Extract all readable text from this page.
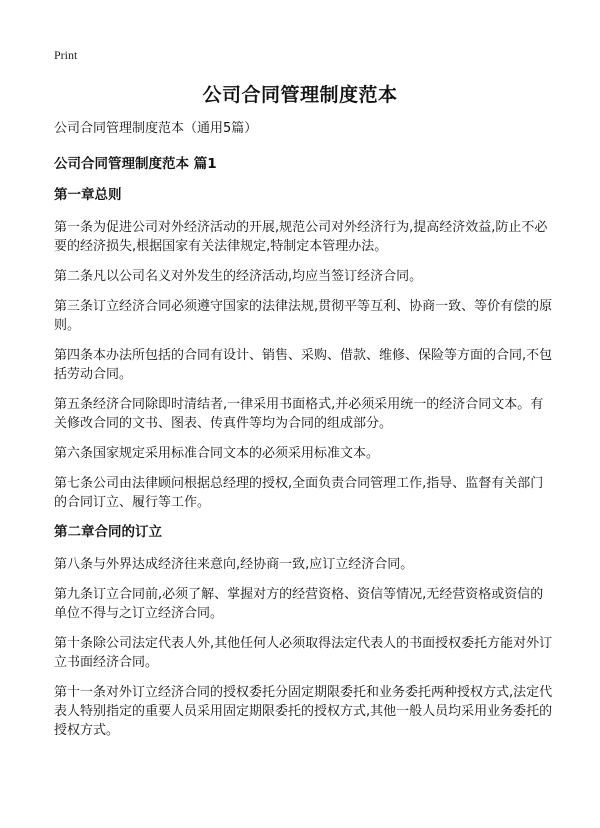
Print
公司合同管理制度范本

公司合同管理制度范本（通用5篇）

公司合同管理制度范本 篇1

第一章总则

第一条为促进公司对外经济活动的开展,规范公司对外经济行为,提高经济效益,防止不必要的经济损失,根据国家有关法律规定,特制定本管理办法。

第二条凡以公司名义对外发生的经济活动,均应当签订经济合同。

第三条订立经济合同必须遵守国家的法律法规,贯彻平等互利、协商一致、等价有偿的原则。

第四条本办法所包括的合同有设计、销售、采购、借款、维修、保险等方面的合同,不包括劳动合同。

第五条经济合同除即时清结者,一律采用书面格式,并必须采用统一的经济合同文本。有关修改合同的文书、图表、传真件等均为合同的组成部分。

第六条国家规定采用标准合同文本的必须采用标准文本。

第七条公司由法律顾问根据总经理的授权,全面负责合同管理工作,指导、监督有关部门的合同订立、履行等工作。

第二章合同的订立

第八条与外界达成经济往来意向,经协商一致,应订立经济合同。

第九条订立合同前,必须了解、掌握对方的经营资格、资信等情况,无经营资格或资信的单位不得与之订立经济合同。

第十条除公司法定代表人外,其他任何人必须取得法定代表人的书面授权委托方能对外订立书面经济合同。

第十一条对外订立经济合同的授权委托分固定期限委托和业务委托两种授权方式,法定代表人特别指定的重要人员采用固定期限委托的授权方式,其他一般人员均采用业务委托的授权方式。
